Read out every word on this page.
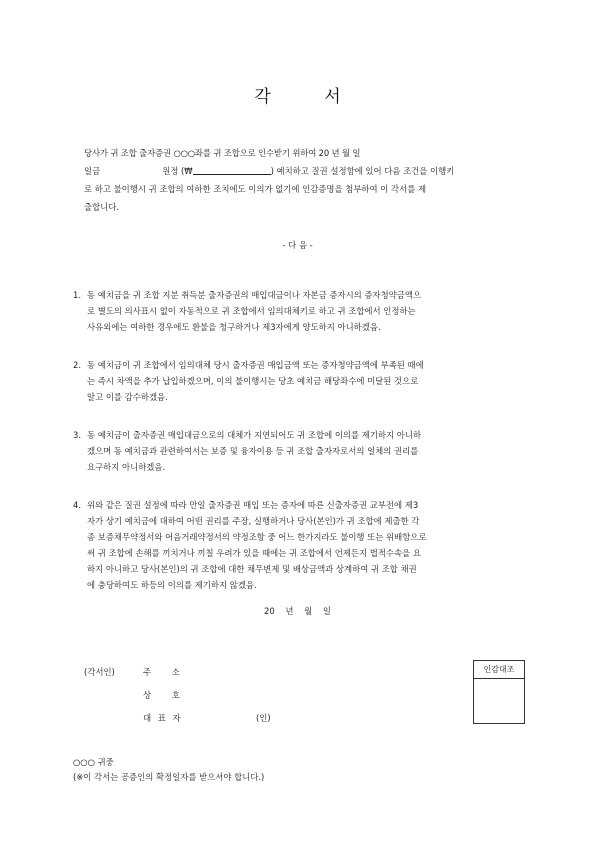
각 서
당사가 귀 조합 출자증권 ○○○좌를 귀 조합으로 인수받기 위하여 20 년 월 일
일금	원정 (₩	) 예치하고 질권 설정함에 있어 다음 조건을 이행키
로 하고 불이행시 귀 조합의 여하한 조치에도 이의가 없기에 인감증명을 첨부하여 이 각서를 제
출합니다.
- 다 음 -
1. 동 예치금을 귀 조합 지분 취득분 출자증권의 매입대금이나 자본금 증자시의 증자청약금액으
로 별도의 의사표시 없이 자동적으로 귀 조합에서 임의대체키로 하고 귀 조합에서 인정하는
사유외에는 여하한 경우에도 환불을 청구하거나 제3자에게 양도하지 아니하겠음.
2. 동 예치금이 귀 조합에서 임의대체 당시 출자증권 매입금액 또는 증자청약금액에 부족된 때에
는 즉시 차액을 추가 납입하겠으며, 이의 불이행시는 당초 예치금 해당좌수에 미달된 것으로
알고 이를 감수하겠음.
3. 동 예치금이 출자증권 매입대금으로의 대체가 지연되어도 귀 조합에 이의를 제기하지 아니하
겠으며 동 예치금과 관련하여서는 보증 및 융자이용 등 귀 조합 출자자로서의 일체의 권리를
요구하지 아니하겠음.
4. 위와 같은 질권 설정에 따라 만일 출자증권 매입 또는 증자에 따른 신출자증권 교부전에 제3
자가 상기 예치금에 대하여 어떤 권리를 주장, 실행하거나 당사(본인)가 귀 조합에 제출한 각
종 보증채무약정서와 어음거래약정서의 약정조항 중 어느 한가지라도 불이행 또는 위배함으로
써 귀 조합에 손해를 끼치거나 끼칠 우려가 있을 때에는 귀 조합에서 언제든지 법적수속을 요
하지 아니하고 당사(본인)의 귀 조합에 대한 채무변제 및 배상금액과 상계하여 귀 조합 채권
에 충당하여도 하등의 이의를 제기하지 않겠음.
20 년 월 일
(각서인)	주 소
상 호
대 표 자	(인)
인감대조
○○○ 귀중
(※이 각서는 공증인의 확정일자를 받으셔야 합니다.)
